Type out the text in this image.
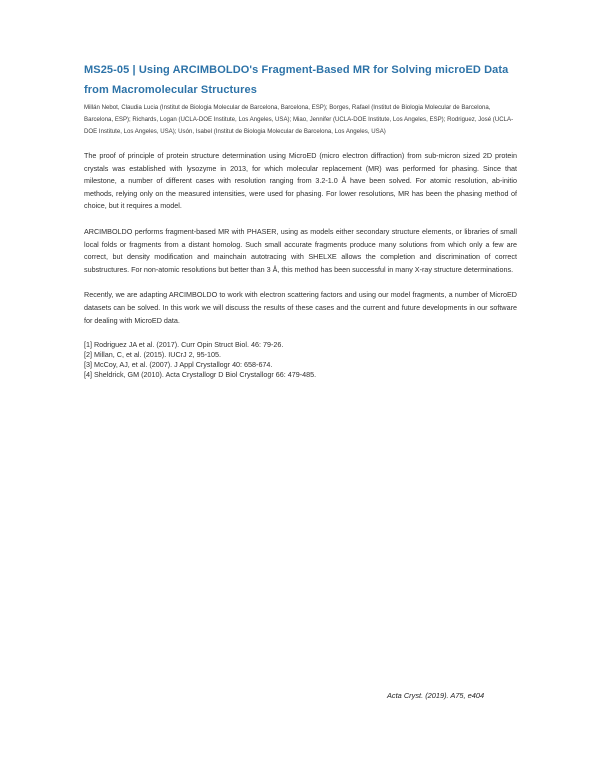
MS25-05 | Using ARCIMBOLDO's Fragment-Based MR for Solving microED Data from Macromolecular Structures

Millán Nebot, Claudia Lucia (Institut de Biologia Molecular de Barcelona, Barcelona, ESP); Borges, Rafael (Institut de Biologia Molecular de Barcelona, Barcelona, ESP); Richards, Logan (UCLA-DOE Institute, Los Angeles, USA); Miao, Jennifer (UCLA-DOE Institute, Los Angeles, ESP); Rodriguez, José (UCLA-DOE Institute, Los Angeles, USA); Usón, Isabel (Institut de Biologia Molecular de Barcelona, Los Angeles, USA)

The proof of principle of protein structure determination using MicroED (micro electron diffraction) from sub-micron sized 2D protein crystals was established with lysozyme in 2013, for which molecular replacement (MR) was performed for phasing. Since that milestone, a number of different cases with resolution ranging from 3.2-1.0 Å have been solved. For atomic resolution, ab-initio methods, relying only on the measured intensities, were used for phasing. For lower resolutions, MR has been the phasing method of choice, but it requires a model.

ARCIMBOLDO performs fragment-based MR with PHASER, using as models either secondary structure elements, or libraries of small local folds or fragments from a distant homolog. Such small accurate fragments produce many solutions from which only a few are correct, but density modification and mainchain autotracing with SHELXE allows the completion and discrimination of correct substructures. For non-atomic resolutions but better than 3 Å, this method has been successful in many X-ray structure determinations.

Recently, we are adapting ARCIMBOLDO to work with electron scattering factors and using our model fragments, a number of MicroED datasets can be solved. In this work we will discuss the results of these cases and the current and future developments in our software for dealing with MicroED data.

[1] Rodriguez JA et al. (2017). Curr Opin Struct Biol. 46: 79-26.

[2] Millan, C, et al. (2015). IUCrJ 2, 95-105.

[3] McCoy, AJ, et al. (2007). J Appl Crystallogr 40: 658-674.

[4] Sheldrick, GM (2010). Acta Crystallogr D Biol Crystallogr 66: 479-485.

Acta Cryst. (2019). A75, e404
